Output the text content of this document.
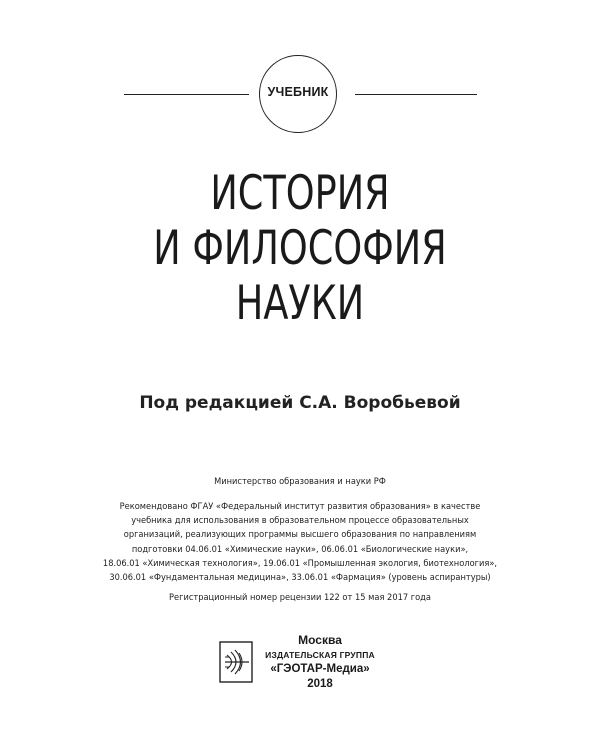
УЧЕБНИК
ИСТОРИЯ
И ФИЛОСОФИЯ
НАУКИ
Под редакцией С.А. Воробьевой
Министерство образования и науки РФ
Рекомендовано ФГАУ «Федеральный институт развития образования» в качестве
учебника для использования в образовательном процессе образовательных
организаций, реализующих программы высшего образования по направлениям
подготовки 04.06.01 «Химические науки», 06.06.01 «Биологические науки»,
18.06.01 «Химическая технология», 19.06.01 «Промышленная экология, биотехнология»,
30.06.01 «Фундаментальная медицина», 33.06.01 «Фармация» (уровень аспирантуры)
Регистрационный номер рецензии 122 от 15 мая 2017 года
Москва
ИЗДАТЕЛЬСКАЯ ГРУППА
«ГЭОТАР-Медиа»
2018
